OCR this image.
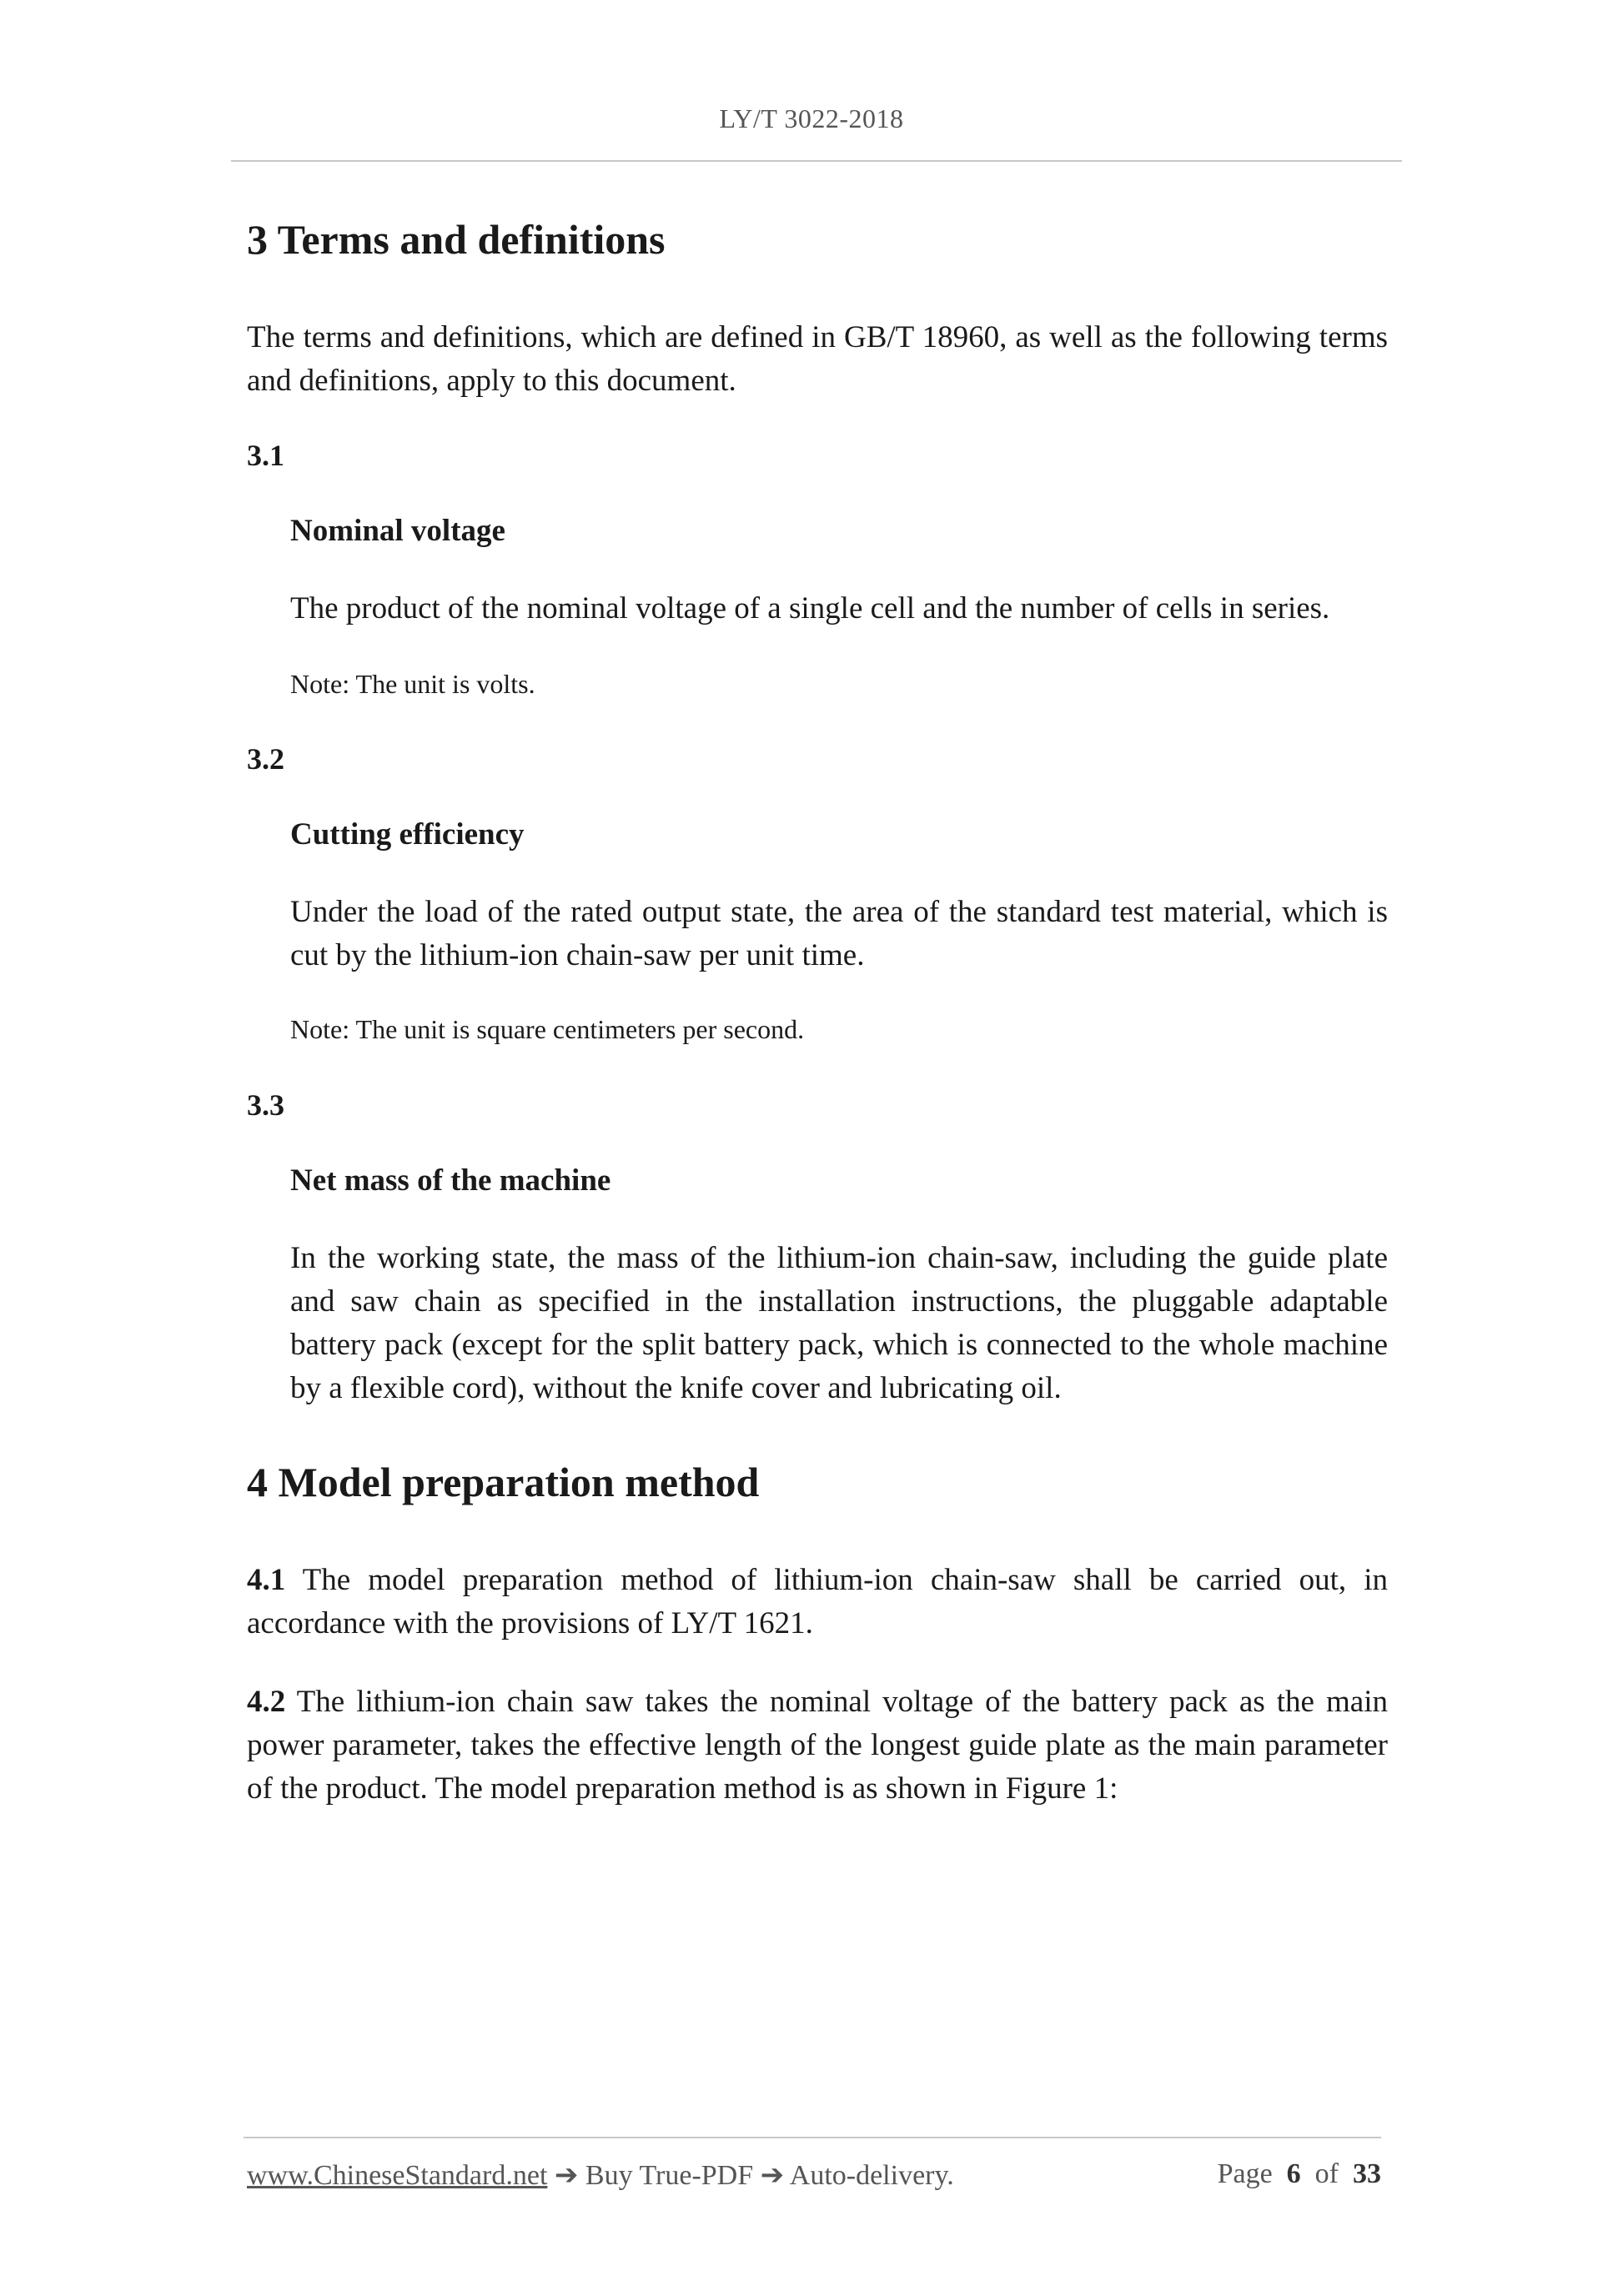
LY/T 3022-2018
3 Terms and definitions

The terms and definitions, which are defined in GB/T 18960, as well as the following terms and definitions, apply to this document.

3.1
Nominal voltage

The product of the nominal voltage of a single cell and the number of cells in series.

Note: The unit is volts.
3.2
Cutting efficiency

Under the load of the rated output state, the area of the standard test material, which is cut by the lithium-ion chain-saw per unit time.

Note: The unit is square centimeters per second.
3.3
Net mass of the machine

In the working state, the mass of the lithium-ion chain-saw, including the guide plate and saw chain as specified in the installation instructions, the pluggable adaptable battery pack (except for the split battery pack, which is connected to the whole machine by a flexible cord), without the knife cover and lubricating oil.

4 Model preparation method

4.1 The model preparation method of lithium-ion chain-saw shall be carried out, in accordance with the provisions of LY/T 1621.

4.2 The lithium-ion chain saw takes the nominal voltage of the battery pack as the main power parameter, takes the effective length of the longest guide plate as the main parameter of the product. The model preparation method is as shown in Figure 1:

www.ChineseStandard.net ➔ Buy True-PDF ➔ Auto-delivery.	Page 6 of 33
